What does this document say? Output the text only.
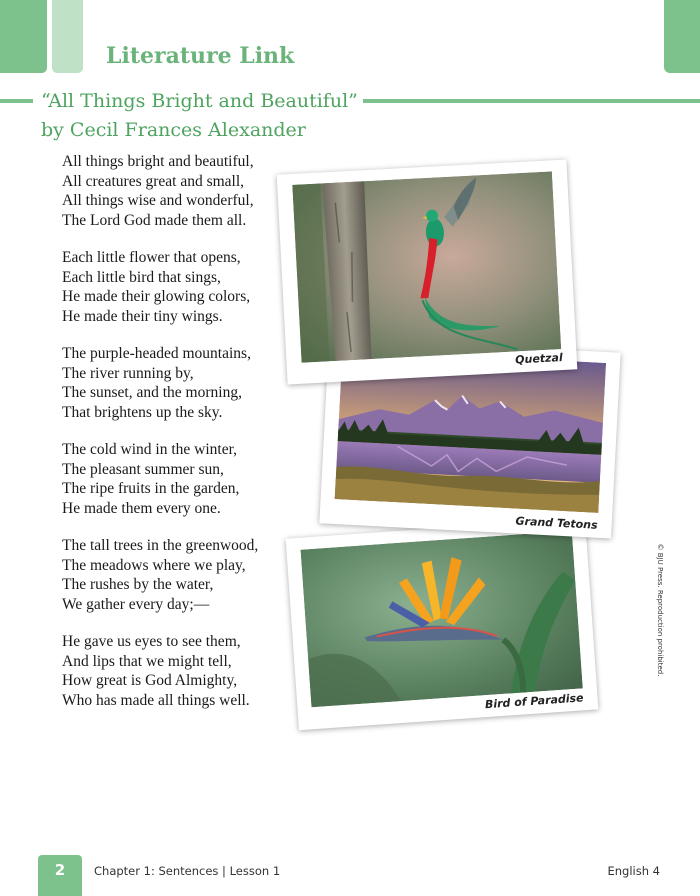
Literature Link
“All Things Bright and Beautiful”
by Cecil Frances Alexander

All things bright and beautiful,
All creatures great and small,
All things wise and wonderful,
The Lord God made them all.

Each little flower that opens,
Each little bird that sings,
He made their glowing colors,
He made their tiny wings.

The purple-headed mountains,
The river running by,
The sunset, and the morning,
That brightens up the sky.

The cold wind in the winter,
The pleasant summer sun,
The ripe fruits in the garden,
He made them every one.

The tall trees in the greenwood,
The meadows where we play,
The rushes by the water,
We gather every day;—

He gave us eyes to see them,
And lips that we might tell,
How great is God Almighty,
Who has made all things well.

Quetzal
Grand Tetons
Bird of Paradise
© BJU Press. Reproduction prohibited.
2	Chapter 1: Sentences | Lesson 1	English 4
